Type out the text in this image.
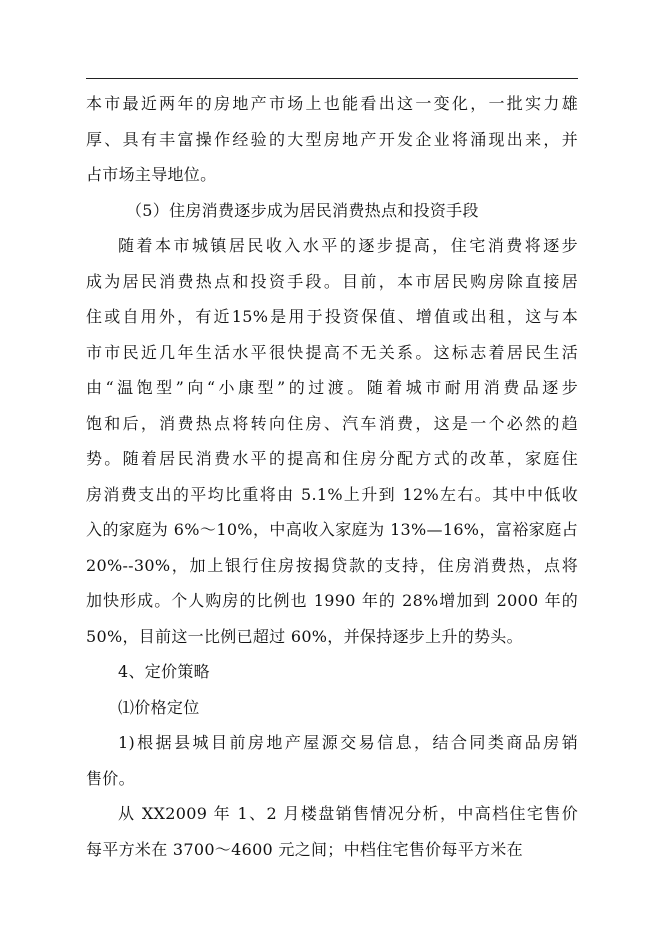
本市最近两年的房地产市场上也能看出这一变化，一批实力雄
厚、具有丰富操作经验的大型房地产开发企业将涌现出来，并
占市场主导地位。
（5）住房消费逐步成为居民消费热点和投资手段
随着本市城镇居民收入水平的逐步提高，住宅消费将逐步
成为居民消费热点和投资手段。目前，本市居民购房除直接居
住或自用外，有近15%是用于投资保值、增值或出租，这与本
市市民近几年生活水平很快提高不无关系。这标志着居民生活
由“温饱型”向“小康型”的过渡。随着城市耐用消费品逐步
饱和后，消费热点将转向住房、汽车消费，这是一个必然的趋
势。随着居民消费水平的提高和住房分配方式的改革，家庭住
房消费支出的平均比重将由 5.1%上升到 12%左右。其中中低收
入的家庭为 6%～10%，中高收入家庭为 13%—16%，富裕家庭占
20%--30%，加上银行住房按揭贷款的支持，住房消费热，点将
加快形成。个人购房的比例也 1990 年的 28%增加到 2000 年的
50%，目前这一比例已超过 60%，并保持逐步上升的势头。
4、定价策略
⑴价格定位
1)根据县城目前房地产屋源交易信息，结合同类商品房销
售价。
从 XX2009 年 1、2 月楼盘销售情况分析，中高档住宅售价
每平方米在 3700～4600 元之间；中档住宅售价每平方米在
